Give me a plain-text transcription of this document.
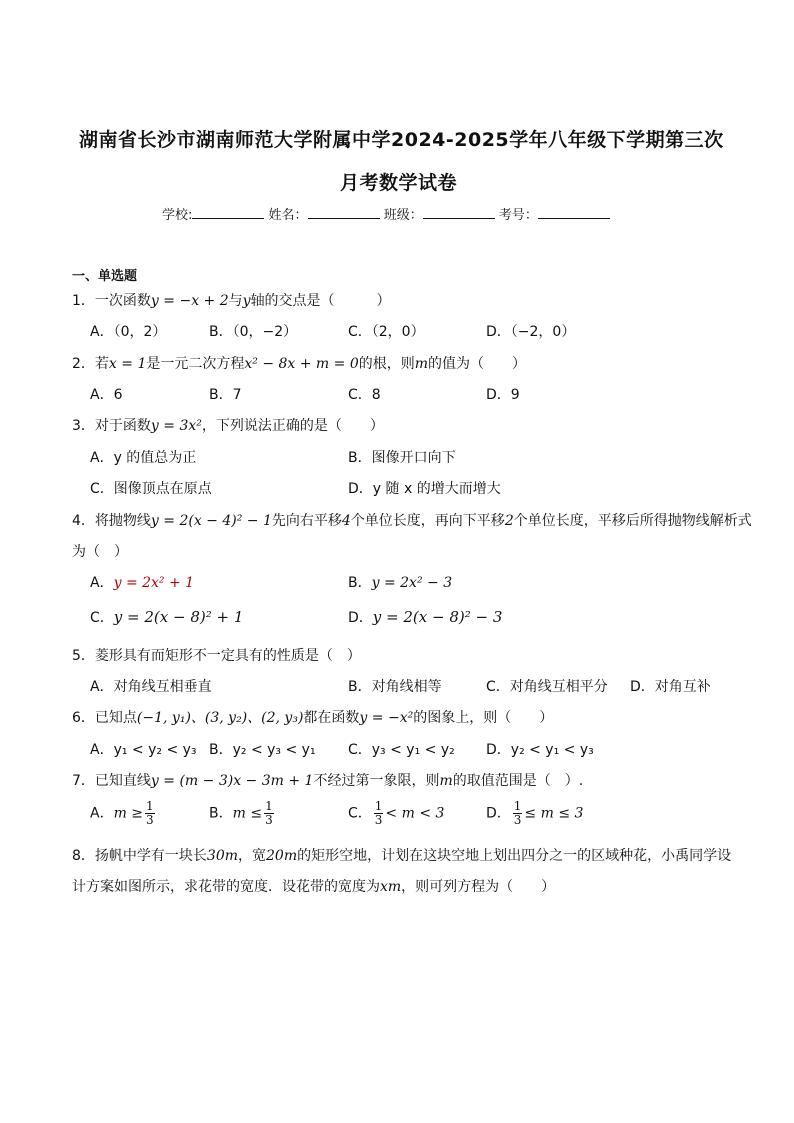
湖南省长沙市湖南师范大学附属中学2024-2025学年八年级下学期第三次
月考数学试卷
学校:	姓名：	班级：	考号：
一、单选题
1．一次函数y = −x + 2与y轴的交点是（　　　）
A．（0，2）	B．（0，−2）	C．（2，0）	D．（−2，0）
2．若x = 1是一元二次方程x² − 8x + m = 0的根，则m的值为（　　）
A．6	B．7	C．8	D．9
3．对于函数y = 3x²，下列说法正确的是（　　）
A．y 的值总为正	B．图像开口向下
C．图像顶点在原点	D．y 随 x 的增大而增大
4．将抛物线y = 2(x − 4)² − 1先向右平移4个单位长度，再向下平移2个单位长度，平移后所得抛物线解析式
为（　）
A．y = 2x² + 1	B．y = 2x² − 3
C．y = 2(x − 8)² + 1	D．y = 2(x − 8)² − 3
5．菱形具有而矩形不一定具有的性质是（　）
A．对角线互相垂直	B．对角线相等	C．对角线互相平分 D．对角互补
6．已知点(−1, y₁)、(3, y₂)、(2, y₃)都在函数y = −x²的图象上，则（　　）
A．y₁ < y₂ < y₃ B．y₂ < y₃ < y₁ C．y₃ < y₁ < y₂ D．y₂ < y₁ < y₃
7．已知直线y = (m − 3)x − 3m + 1不经过第一象限，则m的取值范围是（　）.
A．$m \ge \frac{1}{3}$	B．$m \le \frac{1}{3}$	C． $\frac{1}{3} < m < 3$	D． $\frac{1}{3} \le m \le 3$
8．扬帆中学有一块长30m，宽20m的矩形空地，计划在这块空地上划出四分之一的区域种花，小禹同学设
计方案如图所示，求花带的宽度．设花带的宽度为xm，则可列方程为（　　）
